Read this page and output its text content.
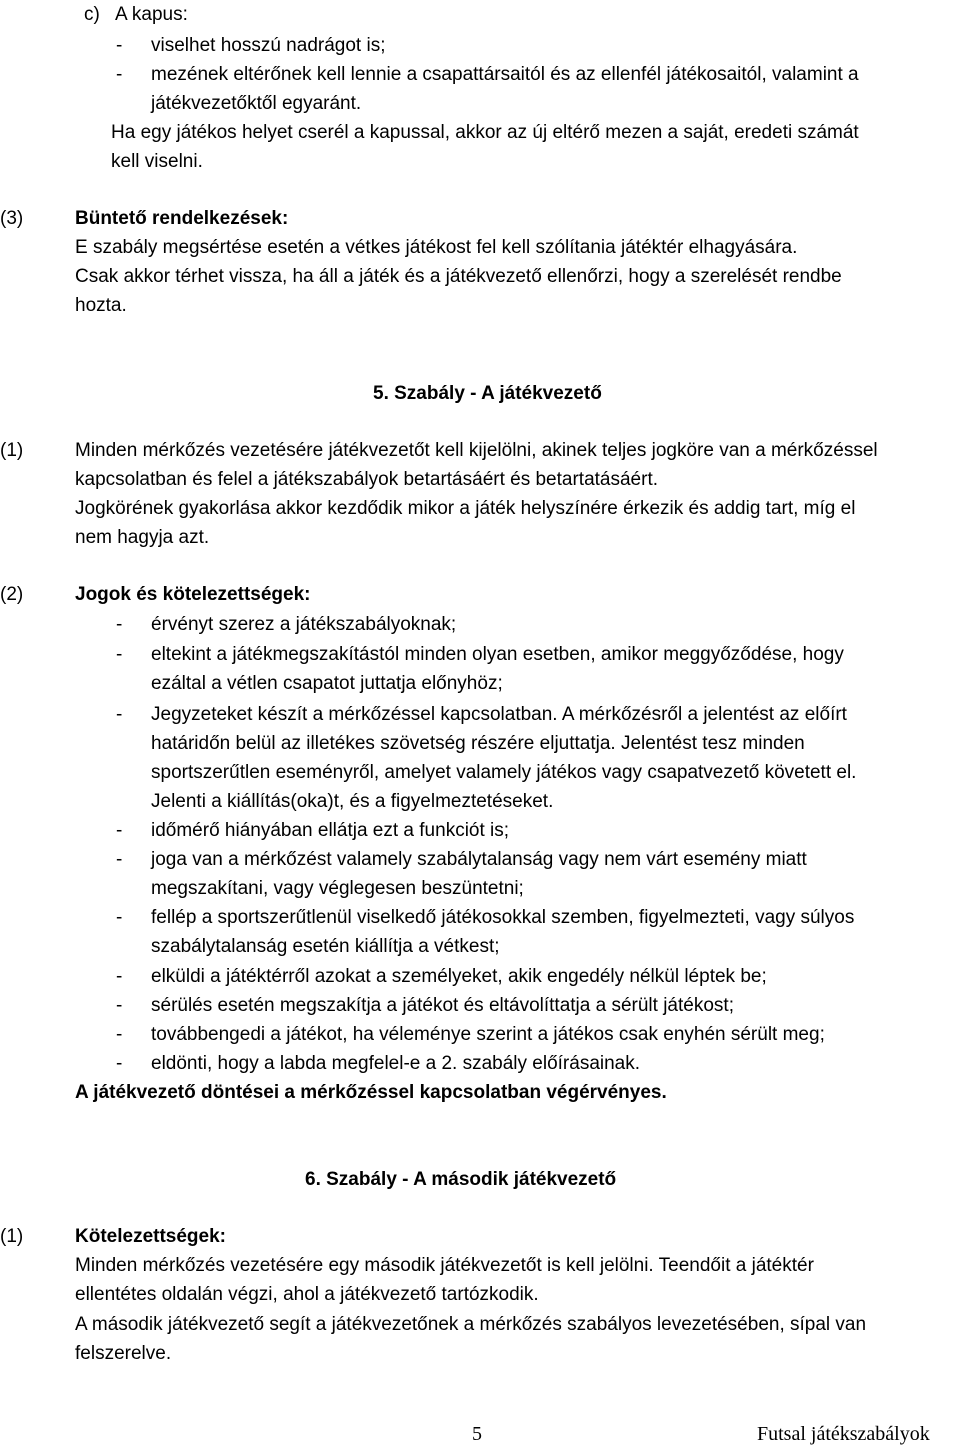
c) A kapus:
- viselhet hosszú nadrágot is;
- mezének eltérőnek kell lennie a csapattársaitól és az ellenfél játékosaitól, valamint a
játékvezetőktől egyaránt.
Ha egy játékos helyet cserél a kapussal, akkor az új eltérő mezen a saját, eredeti számát
kell viselni.
(3)	Büntető rendelkezések:
E szabály megsértése esetén a vétkes játékost fel kell szólítania játéktér elhagyására.
Csak akkor térhet vissza, ha áll a játék és a játékvezető ellenőrzi, hogy a szerelését rendbe
hozta.
5. Szabály - A játékvezető
(1)	Minden mérkőzés vezetésére játékvezetőt kell kijelölni, akinek teljes jogköre van a mérkőzéssel
kapcsolatban és felel a játékszabályok betartásáért és betartatásáért.
Jogkörének gyakorlása akkor kezdődik mikor a játék helyszínére érkezik és addig tart, míg el
nem hagyja azt.
(2)	Jogok és kötelezettségek:
- érvényt szerez a játékszabályoknak;
- eltekint a játékmegszakítástól minden olyan esetben, amikor meggyőződése, hogy
ezáltal a vétlen csapatot juttatja előnyhöz;
- Jegyzeteket készít a mérkőzéssel kapcsolatban. A mérkőzésről a jelentést az előírt
határidőn belül az illetékes szövetség részére eljuttatja. Jelentést tesz minden
sportszerűtlen eseményről, amelyet valamely játékos vagy csapatvezető követett el.
Jelenti a kiállítás(oka)t, és a figyelmeztetéseket.
- időmérő hiányában ellátja ezt a funkciót is;
- joga van a mérkőzést valamely szabálytalanság vagy nem várt esemény miatt
megszakítani, vagy véglegesen beszüntetni;
- fellép a sportszerűtlenül viselkedő játékosokkal szemben, figyelmezteti, vagy súlyos
szabálytalanság esetén kiállítja a vétkest;
- elküldi a játéktérről azokat a személyeket, akik engedély nélkül léptek be;
- sérülés esetén megszakítja a játékot és eltávolíttatja a sérült játékost;
- továbbengedi a játékot, ha véleménye szerint a játékos csak enyhén sérült meg;
- eldönti, hogy a labda megfelel-e a 2. szabály előírásainak.
A játékvezető döntései a mérkőzéssel kapcsolatban végérvényes.
6. Szabály - A második játékvezető
(1)	Kötelezettségek:
Minden mérkőzés vezetésére egy második játékvezetőt is kell jelölni. Teendőit a játéktér
ellentétes oldalán végzi, ahol a játékvezető tartózkodik.
A második játékvezető segít a játékvezetőnek a mérkőzés szabályos levezetésében, sípal van
felszerelve.
5	Futsal játékszabályok
